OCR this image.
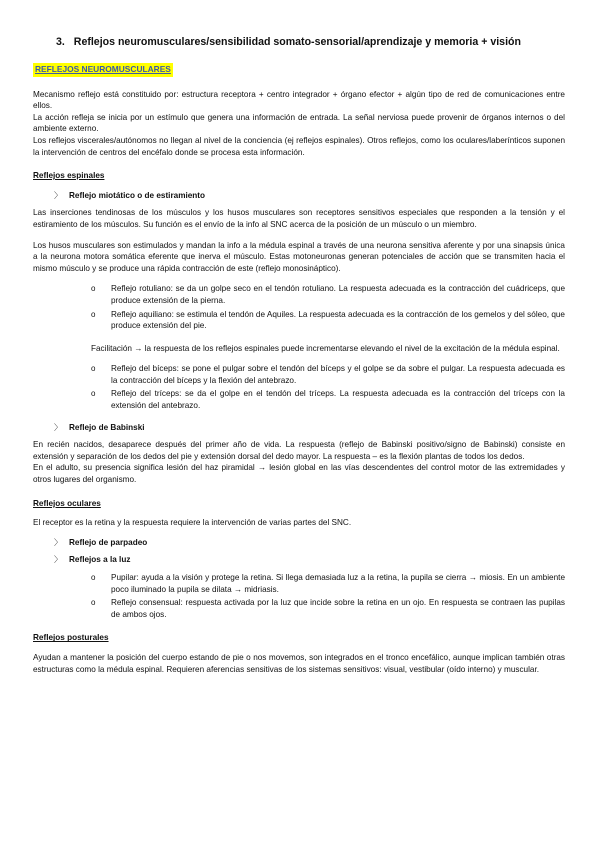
3. Reflejos neuromusculares/sensibilidad somato-sensorial/aprendizaje y memoria + visión
REFLEJOS NEUROMUSCULARES

Mecanismo reflejo está constituido por: estructura receptora + centro integrador + órgano efector + algún tipo de red de comunicaciones entre ellos.

La acción refleja se inicia por un estímulo que genera una información de entrada. La señal nerviosa puede provenir de órganos internos o del ambiente externo.

Los reflejos viscerales/autónomos no llegan al nivel de la conciencia (ej reflejos espinales). Otros reflejos, como los oculares/laberínticos suponen la intervención de centros del encéfalo donde se procesa esta información.

Reflejos espinales
〉 Reflejo miotático o de estiramiento

Las inserciones tendinosas de los músculos y los husos musculares son receptores sensitivos especiales que responden a la tensión y el estiramiento de los músculos. Su función es el envío de la info al SNC acerca de la posición de un músculo o un miembro.

Los husos musculares son estimulados y mandan la info a la médula espinal a través de una neurona sensitiva aferente y por una sinapsis única a la neurona motora somática eferente que inerva el músculo. Estas motoneuronas generan potenciales de acción que se transmiten hacia el mismo músculo y se produce una rápida contracción de este (reflejo monosináptico).

o	Reflejo rotuliano: se da un golpe seco en el tendón rotuliano. La respuesta adecuada es la contracción del cuádriceps, que produce extensión de la pierna.
o	Reflejo aquiliano: se estimula el tendón de Aquiles. La respuesta adecuada es la contracción de los gemelos y del sóleo, que produce extensión del pie.

Facilitación → la respuesta de los reflejos espinales puede incrementarse elevando el nivel de la excitación de la médula espinal.

o	Reflejo del bíceps: se pone el pulgar sobre el tendón del bíceps y el golpe se da sobre el pulgar. La respuesta adecuada es la contracción del bíceps y la flexión del antebrazo.
o	Reflejo del tríceps: se da el golpe en el tendón del tríceps. La respuesta adecuada es la contracción del tríceps con la extensión del antebrazo.
〉 Reflejo de Babinski

En recién nacidos, desaparece después del primer año de vida. La respuesta (reflejo de Babinski positivo/signo de Babinski) consiste en extensión y separación de los dedos del pie y extensión dorsal del dedo mayor. La respuesta – es la flexión plantas de todos los dedos.

En el adulto, su presencia significa lesión del haz piramidal → lesión global en las vías descendentes del control motor de las extremidades y otros lugares del organismo.

Reflejos oculares

El receptor es la retina y la respuesta requiere la intervención de varias partes del SNC.

〉 Reflejo de parpadeo
〉 Reflejos a la luz
o	Pupilar: ayuda a la visión y protege la retina. Si llega demasiada luz a la retina, la pupila se cierra → miosis. En un ambiente poco iluminado la pupila se dilata → midriasis.
o	Reflejo consensual: respuesta activada por la luz que incide sobre la retina en un ojo. En respuesta se contraen las pupilas de ambos ojos.
Reflejos posturales

Ayudan a mantener la posición del cuerpo estando de pie o nos movemos, son integrados en el tronco encefálico, aunque implican también otras estructuras como la médula espinal. Requieren aferencias sensitivas de los sistemas sensitivos: visual, vestibular (oído interno) y muscular.
